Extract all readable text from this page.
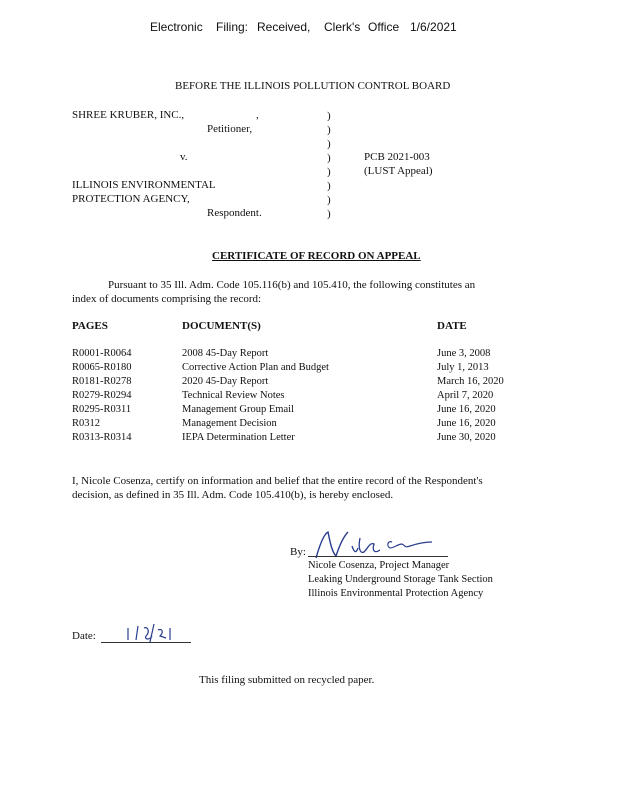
Electronic Filing: Received, Clerk's Office 1/6/2021
BEFORE THE ILLINOIS POLLUTION CONTROL BOARD
SHREE KRUBER, INC.,	,
Petitioner,
v.
ILLINOIS ENVIRONMENTAL
PROTECTION AGENCY,
Respondent.
)
)
)
)
)
)
)
)
PCB 2021-003
(LUST Appeal)
CERTIFICATE OF RECORD ON APPEAL
Pursuant to 35 Ill. Adm. Code 105.116(b) and 105.410, the following constitutes an
index of documents comprising the record:
PAGES	DOCUMENT(S)	DATE
R0001-R0064	2008 45-Day Report	June 3, 2008
R0065-R0180	Corrective Action Plan and Budget	July 1, 2013
R0181-R0278	2020 45-Day Report	March 16, 2020
R0279-R0294	Technical Review Notes	April 7, 2020
R0295-R0311	Management Group Email	June 16, 2020
R0312	Management Decision	June 16, 2020
R0313-R0314	IEPA Determination Letter	June 30, 2020
I, Nicole Cosenza, certify on information and belief that the entire record of the Respondent's
decision, as defined in 35 Ill. Adm. Code 105.410(b), is hereby enclosed.
By:
Nicole Cosenza, Project Manager
Leaking Underground Storage Tank Section
Illinois Environmental Protection Agency
Date:
This filing submitted on recycled paper.
